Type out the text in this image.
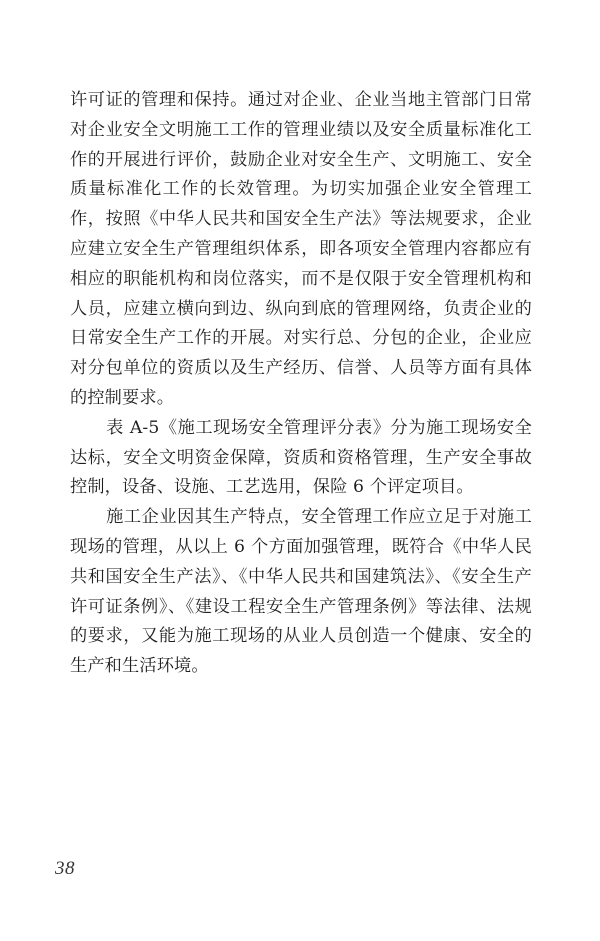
许可证的管理和保持。通过对企业、企业当地主管部门日常对企业安全文明施工工作的管理业绩以及安全质量标准化工作的开展进行评价，鼓励企业对安全生产、文明施工、安全质量标准化工作的长效管理。为切实加强企业安全管理工作，按照《中华人民共和国安全生产法》等法规要求，企业应建立安全生产管理组织体系，即各项安全管理内容都应有相应的职能机构和岗位落实，而不是仅限于安全管理机构和人员，应建立横向到边、纵向到底的管理网络，负责企业的日常安全生产工作的开展。对实行总、分包的企业，企业应对分包单位的资质以及生产经历、信誉、人员等方面有具体的控制要求。

表 A-5《施工现场安全管理评分表》分为施工现场安全达标，安全文明资金保障，资质和资格管理，生产安全事故控制，设备、设施、工艺选用，保险 6 个评定项目。

施工企业因其生产特点，安全管理工作应立足于对施工现场的管理，从以上 6 个方面加强管理，既符合《中华人民共和国安全生产法》、《中华人民共和国建筑法》、《安全生产许可证条例》、《建设工程安全生产管理条例》等法律、法规的要求，又能为施工现场的从业人员创造一个健康、安全的生产和生活环境。

38
